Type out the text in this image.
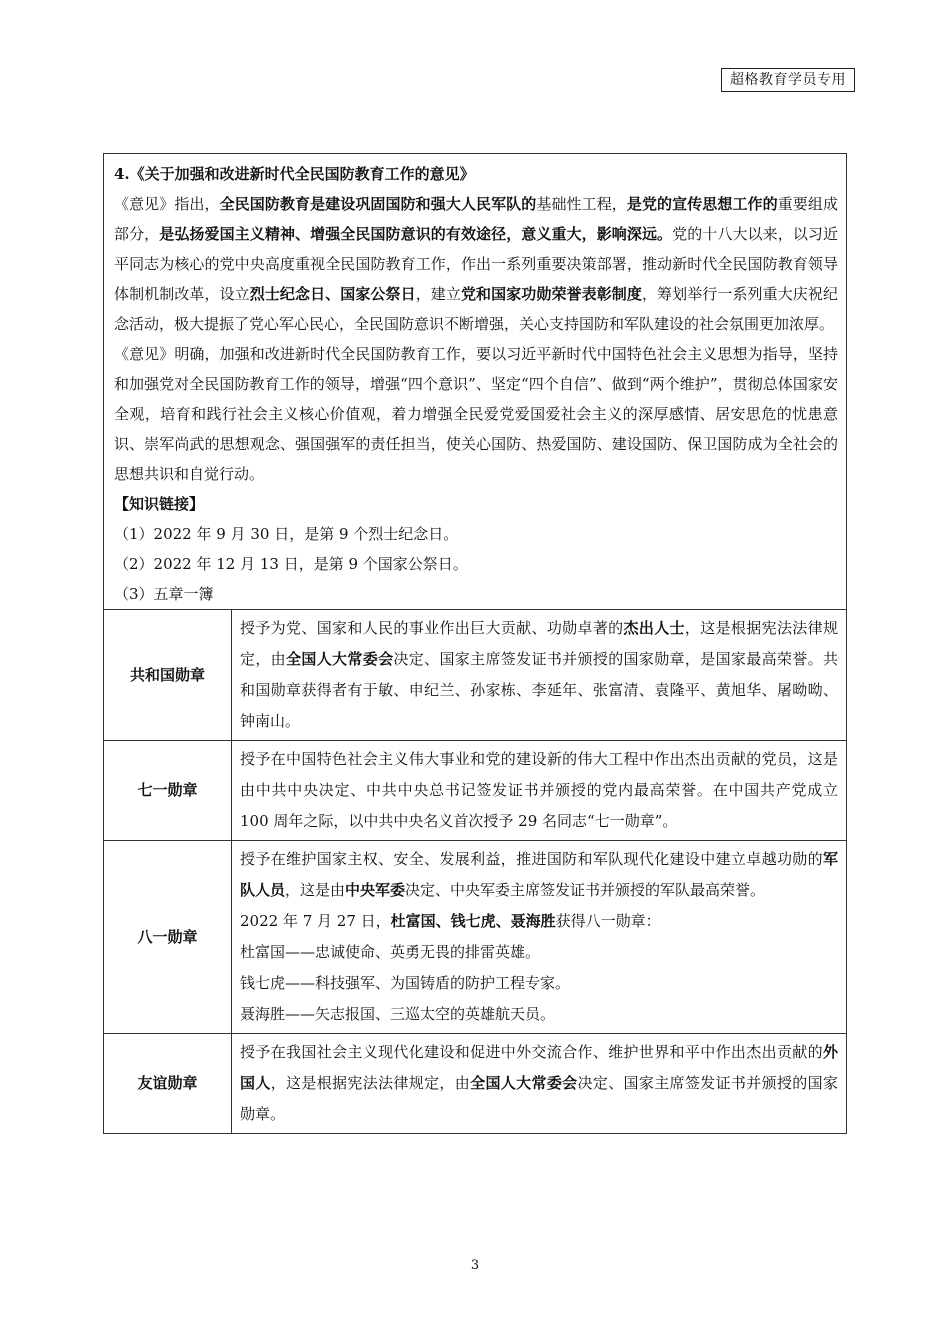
超格教育学员专用

4.《关于加强和改进新时代全民国防教育工作的意见》

《意见》指出，全民国防教育是建设巩固国防和强大人民军队的基础性工程，是党的宣传思想工作的重要组成部分，是弘扬爱国主义精神、增强全民国防意识的有效途径，意义重大，影响深远。党的十八大以来，以习近平同志为核心的党中央高度重视全民国防教育工作，作出一系列重要决策部署，推动新时代全民国防教育领导体制机制改革，设立烈士纪念日、国家公祭日，建立党和国家功勋荣誉表彰制度，筹划举行一系列重大庆祝纪念活动，极大提振了党心军心民心，全民国防意识不断增强，关心支持国防和军队建设的社会氛围更加浓厚。

《意见》明确，加强和改进新时代全民国防教育工作，要以习近平新时代中国特色社会主义思想为指导，坚持和加强党对全民国防教育工作的领导，增强“四个意识”、坚定“四个自信”、做到“两个维护”，贯彻总体国家安全观，培育和践行社会主义核心价值观，着力增强全民爱党爱国爱社会主义的深厚感情、居安思危的忧患意识、崇军尚武的思想观念、强国强军的责任担当，使关心国防、热爱国防、建设国防、保卫国防成为全社会的思想共识和自觉行动。

【知识链接】

（1）2022 年 9 月 30 日，是第 9 个烈士纪念日。

（2）2022 年 12 月 13 日，是第 9 个国家公祭日。

（3）五章一簿

共和国勋章	授予为党、国家和人民的事业作出巨大贡献、功勋卓著的杰出人士，这是根据宪法法律规定，由全国人大常委会决定、国家主席签发证书并颁授的国家勋章，是国家最高荣誉。共和国勋章获得者有于敏、申纪兰、孙家栋、李延年、张富清、袁隆平、黄旭华、屠呦呦、钟南山。

七一勋章	授予在中国特色社会主义伟大事业和党的建设新的伟大工程中作出杰出贡献的党员，这是由中共中央决定、中共中央总书记签发证书并颁授的党内最高荣誉。在中国共产党成立 100 周年之际，以中共中央名义首次授予 29 名同志“七一勋章”。

八一勋章	授予在维护国家主权、安全、发展利益，推进国防和军队现代化建设中建立卓越功勋的军队人员，这是由中央军委决定、中央军委主席签发证书并颁授的军队最高荣誉。

2022 年 7 月 27 日，杜富国、钱七虎、聂海胜获得八一勋章：

杜富国——忠诚使命、英勇无畏的排雷英雄。

钱七虎——科技强军、为国铸盾的防护工程专家。

聂海胜——矢志报国、三巡太空的英雄航天员。

友谊勋章	授予在我国社会主义现代化建设和促进中外交流合作、维护世界和平中作出杰出贡献的外国人，这是根据宪法法律规定，由全国人大常委会决定、国家主席签发证书并颁授的国家勋章。

3
